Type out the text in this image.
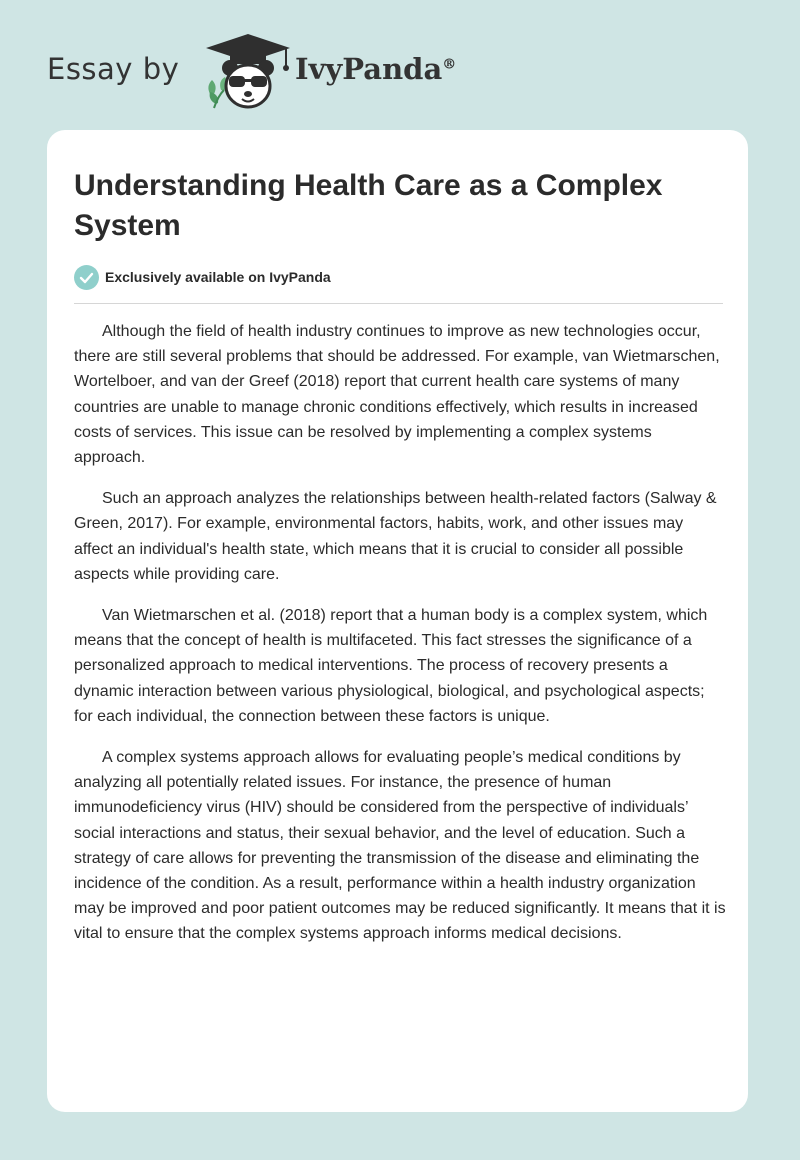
Essay by	IvyPanda®
Understanding Health Care as a Complex System
Exclusively available on IvyPanda

Although the field of health industry continues to improve as new technologies occur, there are still several problems that should be addressed. For example, van Wietmarschen, Wortelboer, and van der Greef (2018) report that current health care systems of many countries are unable to manage chronic conditions effectively, which results in increased costs of services. This issue can be resolved by implementing a complex systems approach.

Such an approach analyzes the relationships between health-related factors (Salway & Green, 2017). For example, environmental factors, habits, work, and other issues may affect an individual's health state, which means that it is crucial to consider all possible aspects while providing care.

Van Wietmarschen et al. (2018) report that a human body is a complex system, which means that the concept of health is multifaceted. This fact stresses the significance of a personalized approach to medical interventions. The process of recovery presents a dynamic interaction between various physiological, biological, and psychological aspects; for each individual, the connection between these factors is unique.

A complex systems approach allows for evaluating people’s medical conditions by analyzing all potentially related issues. For instance, the presence of human immunodeficiency virus (HIV) should be considered from the perspective of individuals’ social interactions and status, their sexual behavior, and the level of education. Such a strategy of care allows for preventing the transmission of the disease and eliminating the incidence of the condition. As a result, performance within a health industry organization may be improved and poor patient outcomes may be reduced significantly. It means that it is vital to ensure that the complex systems approach informs medical decisions.
